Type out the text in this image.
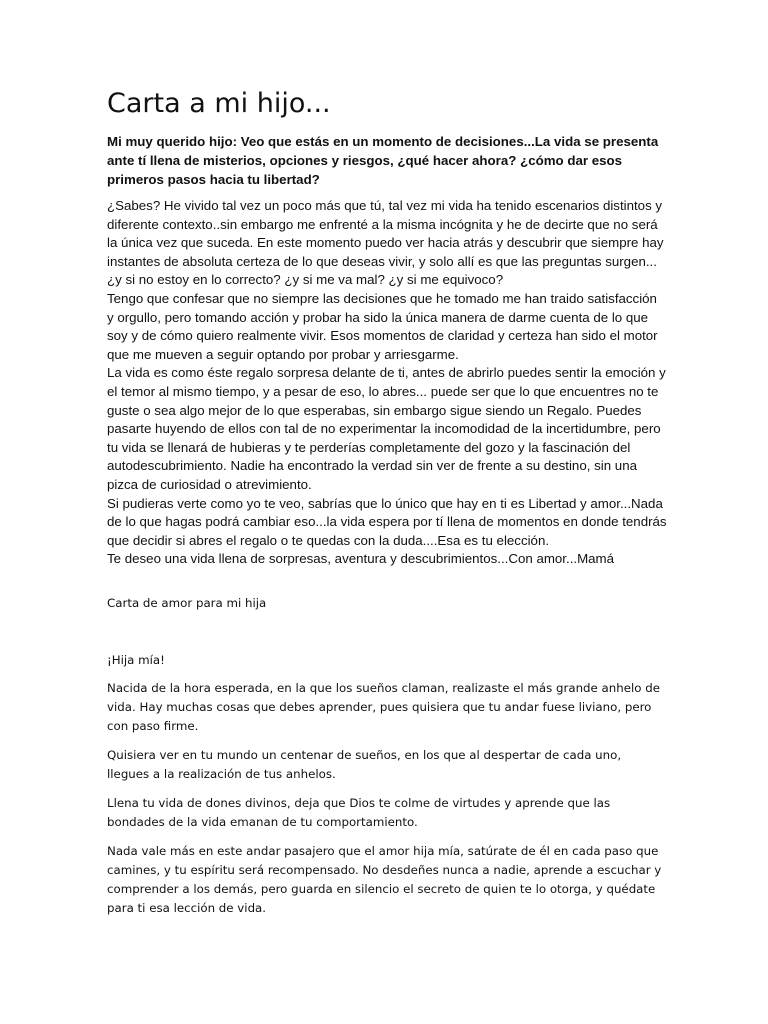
Carta a mi hijo...

Mi muy querido hijo: Veo que estás en un momento de decisiones...La vida se presenta ante tí llena de misterios, opciones y riesgos, ¿qué hacer ahora? ¿cómo dar esos primeros pasos hacia tu libertad?

¿Sabes? He vivido tal vez un poco más que tú, tal vez mi vida ha tenido escenarios distintos y diferente contexto..sin embargo me enfrenté a la misma incógnita y he de decirte que no será la única vez que suceda. En este momento puedo ver hacia atrás y descubrir que siempre hay instantes de absoluta certeza de lo que deseas vivir, y solo allí es que las preguntas surgen... ¿y si no estoy en lo correcto? ¿y si me va mal? ¿y si me equivoco?

Tengo que confesar que no siempre las decisiones que he tomado me han traido satisfacción y orgullo, pero tomando acción y probar ha sido la única manera de darme cuenta de lo que soy y de cómo quiero realmente vivir. Esos momentos de claridad y certeza han sido el motor que me mueven a seguir optando por probar y arriesgarme.

La vida es como éste regalo sorpresa delante de ti, antes de abrirlo puedes sentir la emoción y el temor al mismo tiempo, y a pesar de eso, lo abres... puede ser que lo que encuentres no te guste o sea algo mejor de lo que esperabas, sin embargo sigue siendo un Regalo. Puedes pasarte huyendo de ellos con tal de no experimentar la incomodidad de la incertidumbre, pero tu vida se llenará de hubieras y te perderías completamente del gozo y la fascinación del autodescubrimiento. Nadie ha encontrado la verdad sin ver de frente a su destino, sin una pizca de curiosidad o atrevimiento.

Si pudieras verte como yo te veo, sabrías que lo único que hay en ti es Libertad y amor...Nada de lo que hagas podrá cambiar eso...la vida espera por tí llena de momentos en donde tendrás que decidir si abres el regalo o te quedas con la duda....Esa es tu elección.

Te deseo una vida llena de sorpresas, aventura y descubrimientos...Con amor...Mamá

Carta de amor para mi hija

¡Hija mía!

Nacida de la hora esperada, en la que los sueños claman, realizaste el más grande anhelo de vida. Hay muchas cosas que debes aprender, pues quisiera que tu andar fuese liviano, pero con paso firme.

Quisiera ver en tu mundo un centenar de sueños, en los que al despertar de cada uno, llegues a la realización de tus anhelos.

Llena tu vida de dones divinos, deja que Dios te colme de virtudes y aprende que las bondades de la vida emanan de tu comportamiento.

Nada vale más en este andar pasajero que el amor hija mía, satúrate de él en cada paso que camines, y tu espíritu será recompensado. No desdeñes nunca a nadie, aprende a escuchar y comprender a los demás, pero guarda en silencio el secreto de quien te lo otorga, y quédate para ti esa lección de vida.
